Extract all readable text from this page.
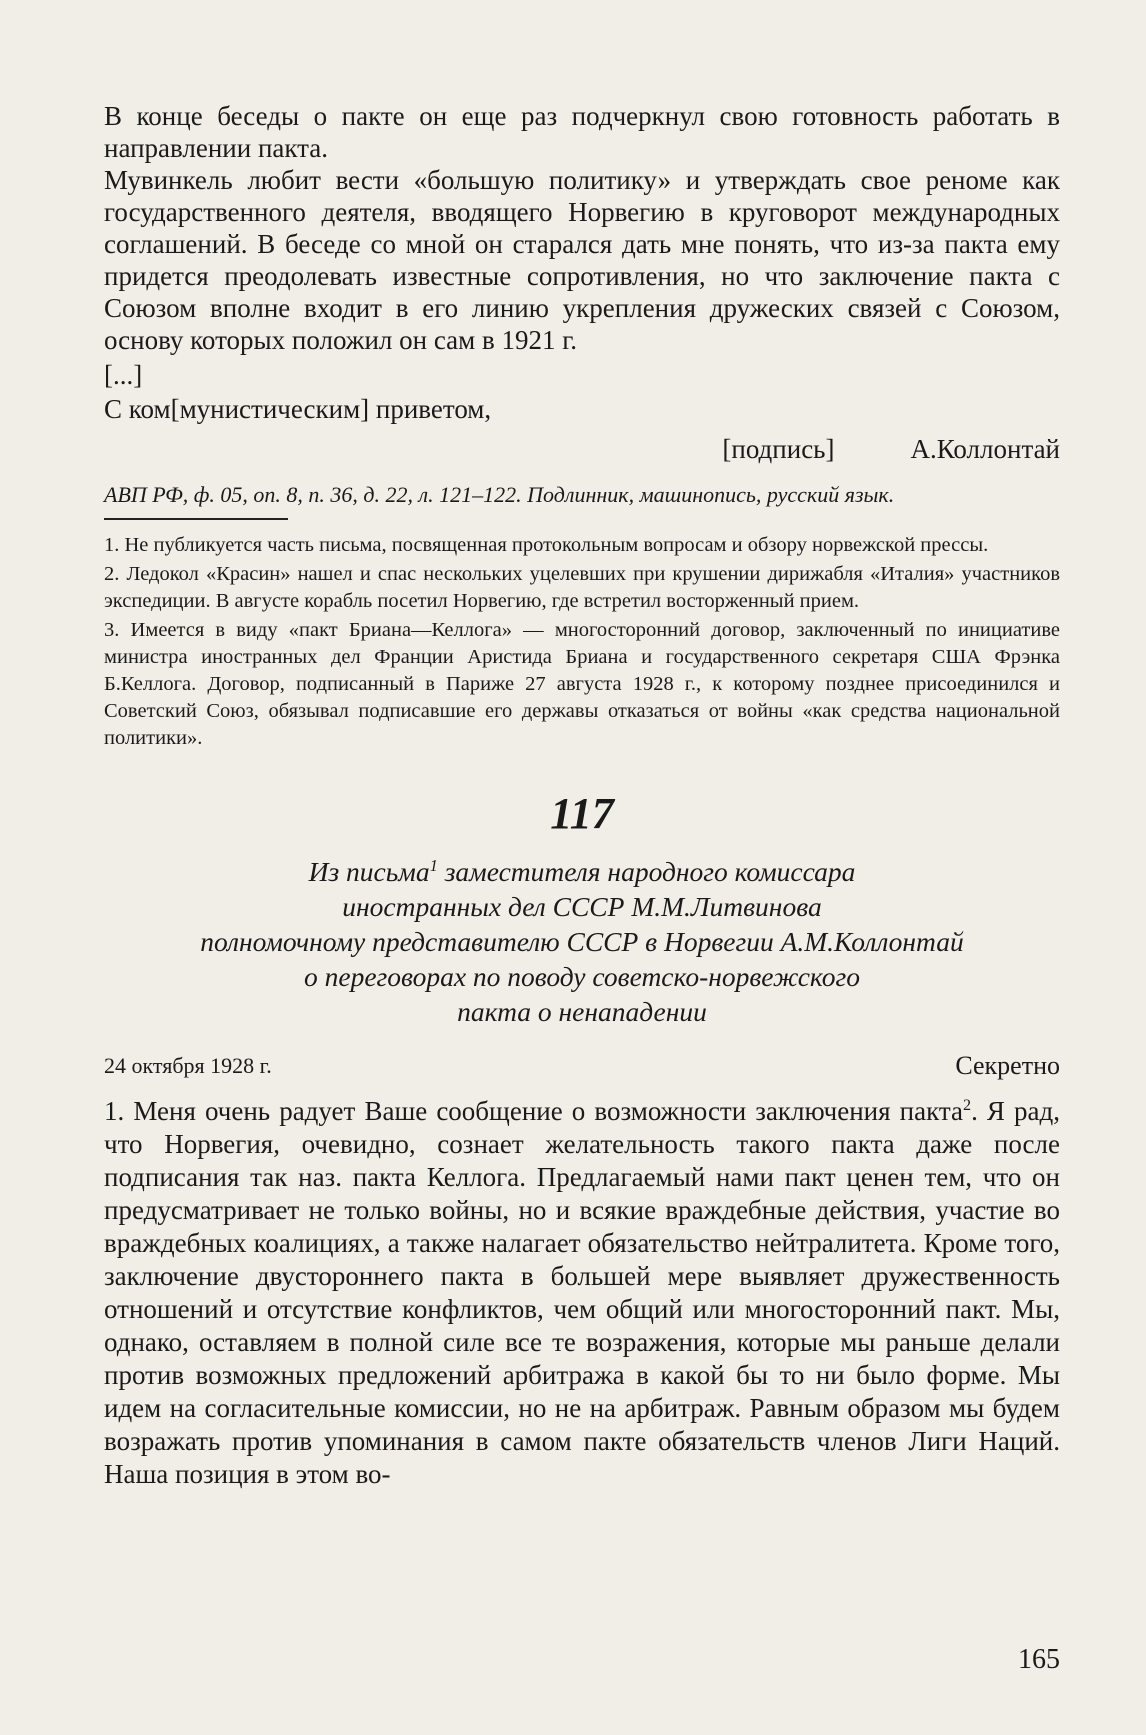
В конце беседы о пакте он еще раз подчеркнул свою готовность работать в направлении пакта.

Мувинкель любит вести «большую политику» и утверждать свое реноме как государственного деятеля, вводящего Норвегию в круговорот международных соглашений. В беседе со мной он старался дать мне понять, что из-за пакта ему придется преодолевать известные сопротивления, но что заключение пакта с Союзом вполне входит в его линию укрепления дружеских связей с Союзом, основу которых положил он сам в 1921 г.

[...]

С ком[мунистическим] приветом,

[подпись]	А.Коллонтай

АВП РФ, ф. 05, оп. 8, п. 36, д. 22, л. 121–122. Подлинник, машинопись, русский язык.

1. Не публикуется часть письма, посвященная протокольным вопросам и обзору норвежской прессы.

2. Ледокол «Красин» нашел и спас нескольких уцелевших при крушении дирижабля «Италия» участников экспедиции. В августе корабль посетил Норвегию, где встретил восторженный прием.

3. Имеется в виду «пакт Бриана—Келлога» — многосторонний договор, заключенный по инициативе министра иностранных дел Франции Аристида Бриана и государственного секретаря США Фрэнка Б.Келлога. Договор, подписанный в Париже 27 августа 1928 г., к которому позднее присоединился и Советский Союз, обязывал подписавшие его державы отказаться от войны «как средства национальной политики».

117
Из письма$^1$ заместителя народного комиссара
иностранных дел СССР М.М.Литвинова
полномочному представителю СССР в Норвегии А.М.Коллонтай
о переговорах по поводу советско-норвежского
пакта о ненападении
24 октября 1928 г.	Секретно

1. Меня очень радует Ваше сообщение о возможности заключения пакта$^2$. Я рад, что Норвегия, очевидно, сознает желательность такого пакта даже после подписания так наз. пакта Келлога. Предлагаемый нами пакт ценен тем, что он предусматривает не только войны, но и всякие враждебные действия, участие во враждебных коалициях, а также налагает обязательство нейтралитета. Кроме того, заключение двустороннего пакта в большей мере выявляет дружественность отношений и отсутствие конфликтов, чем общий или многосторонний пакт. Мы, однако, оставляем в полной силе все те возражения, которые мы раньше делали против возможных предложений арбитража в какой бы то ни было форме. Мы идем на согласительные комиссии, но не на арбитраж. Равным образом мы будем возражать против упоминания в самом пакте обязательств членов Лиги Наций. Наша позиция в этом во-

165
